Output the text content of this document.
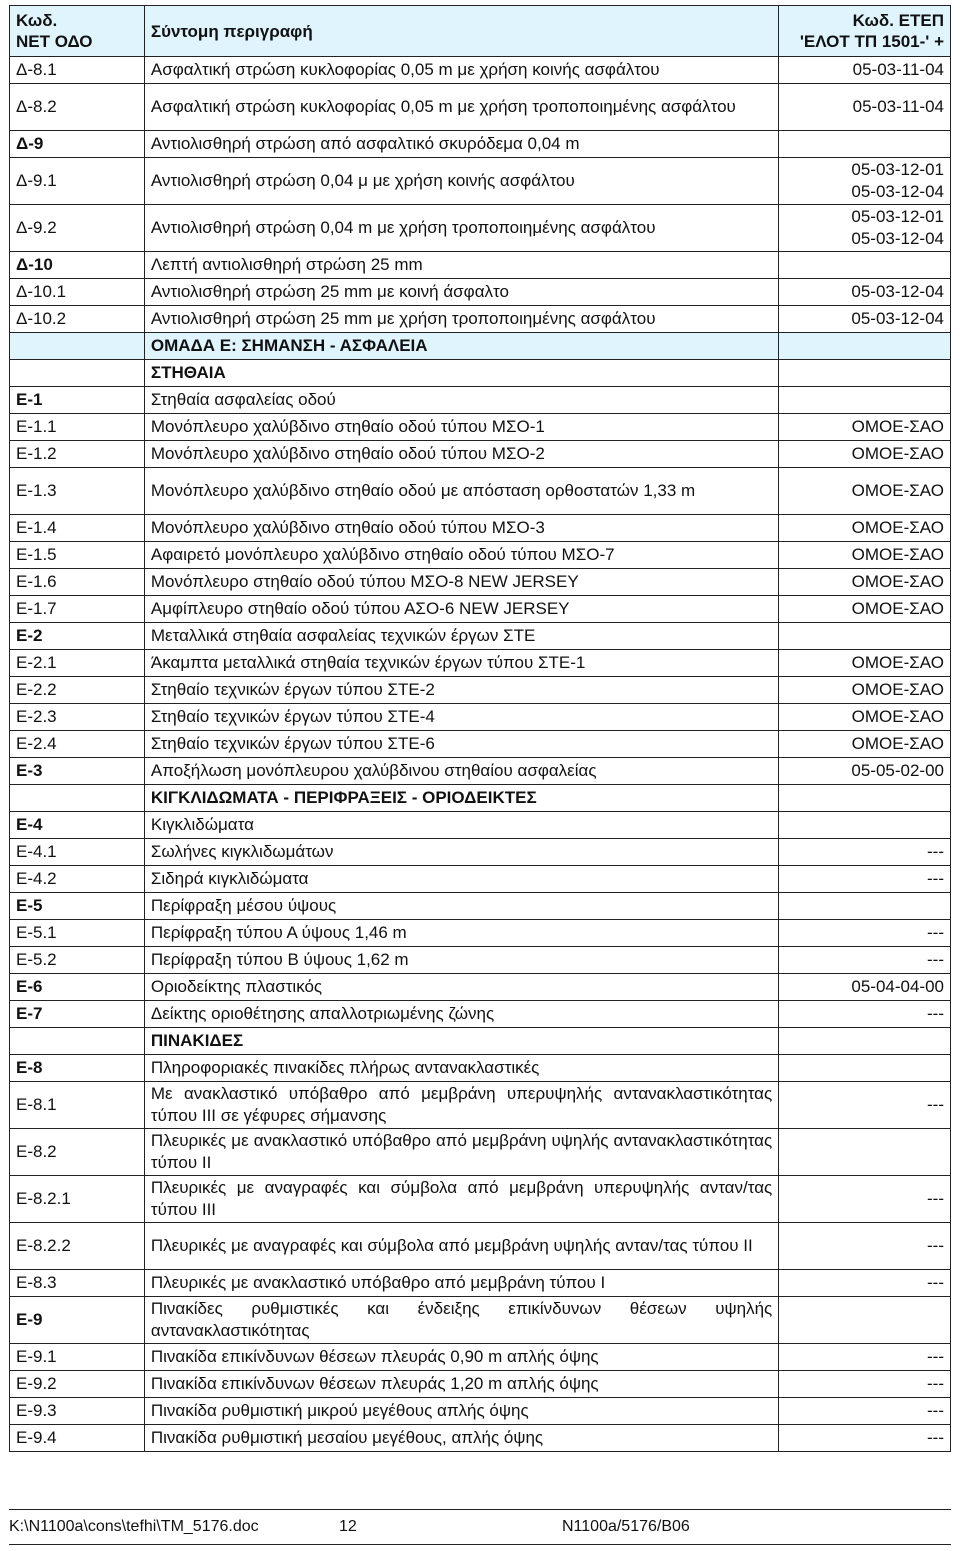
Κωδ.
ΝΕΤ ΟΔΟ	Σύντομη περιγραφή	Κωδ. ΕΤΕΠ
'ΕΛΟΤ ΤΠ 1501-' +

Δ-8.1	Ασφαλτική στρώση κυκλοφορίας 0,05 m με χρήση κοινής ασφάλτου	05-03-11-04
Δ-8.2	Ασφαλτική στρώση κυκλοφορίας 0,05 m με χρήση τροποποιημένης ασφάλτου	05-03-11-04
Δ-9	Αντιολισθηρή στρώση από ασφαλτικό σκυρόδεμα 0,04 m	
Δ-9.1	Αντιολισθηρή στρώση 0,04 μ με χρήση κοινής ασφάλτου	05-03-12-01
05-03-12-04

Δ-9.2	Αντιολισθηρή στρώση 0,04 m με χρήση τροποποιημένης ασφάλτου	05-03-12-01
05-03-12-04

Δ-10	Λεπτή αντιολισθηρή στρώση 25 mm	
Δ-10.1	Αντιολισθηρή στρώση 25 mm με κοινή άσφαλτο	05-03-12-04
Δ-10.2	Αντιολισθηρή στρώση 25 mm με χρήση τροποποιημένης ασφάλτου	05-03-12-04
	ΟΜΑΔΑ Ε: ΣΗΜΑΝΣΗ - ΑΣΦΑΛΕΙΑ	
	ΣΤΗΘΑΙΑ	
Ε-1	Στηθαία ασφαλείας οδού	
Ε-1.1	Μονόπλευρο χαλύβδινο στηθαίο οδού τύπου ΜΣΟ-1	ΟΜΟΕ-ΣΑΟ
Ε-1.2	Μονόπλευρο χαλύβδινο στηθαίο οδού τύπου ΜΣΟ-2	ΟΜΟΕ-ΣΑΟ
Ε-1.3	Μονόπλευρο χαλύβδινο στηθαίο οδού με απόσταση ορθοστατών 1,33 m	ΟΜΟΕ-ΣΑΟ
Ε-1.4	Μονόπλευρο χαλύβδινο στηθαίο οδού τύπου ΜΣΟ-3	ΟΜΟΕ-ΣΑΟ
Ε-1.5	Αφαιρετό μονόπλευρο χαλύβδινο στηθαίο οδού τύπου ΜΣΟ-7	ΟΜΟΕ-ΣΑΟ
Ε-1.6	Μονόπλευρο στηθαίο οδού τύπου ΜΣΟ-8 NEW JERSEY	ΟΜΟΕ-ΣΑΟ
Ε-1.7	Αμφίπλευρο στηθαίο οδού τύπου ΑΣΟ-6 NEW JERSEY	ΟΜΟΕ-ΣΑΟ
Ε-2	Μεταλλικά στηθαία ασφαλείας τεχνικών έργων ΣΤΕ	
Ε-2.1	Άκαμπτα μεταλλικά στηθαία τεχνικών έργων τύπου ΣΤΕ-1	ΟΜΟΕ-ΣΑΟ
Ε-2.2	Στηθαίο τεχνικών έργων τύπου ΣΤΕ-2	ΟΜΟΕ-ΣΑΟ
Ε-2.3	Στηθαίο τεχνικών έργων τύπου ΣΤΕ-4	ΟΜΟΕ-ΣΑΟ
Ε-2.4	Στηθαίο τεχνικών έργων τύπου ΣΤΕ-6	ΟΜΟΕ-ΣΑΟ
Ε-3	Αποξήλωση μονόπλευρου χαλύβδινου στηθαίου ασφαλείας	05-05-02-00
	ΚΙΓΚΛΙΔΩΜΑΤΑ - ΠΕΡΙΦΡΑΞΕΙΣ - ΟΡΙΟΔΕΙΚΤΕΣ	
Ε-4	Κιγκλιδώματα	
Ε-4.1	Σωλήνες κιγκλιδωμάτων	---
Ε-4.2	Σιδηρά κιγκλιδώματα	---
Ε-5	Περίφραξη μέσου ύψους	
Ε-5.1	Περίφραξη τύπου Α ύψους 1,46 m	---
Ε-5.2	Περίφραξη τύπου Β ύψους 1,62 m	---
Ε-6	Οριοδείκτης πλαστικός	05-04-04-00
Ε-7	Δείκτης οριοθέτησης απαλλοτριωμένης ζώνης	---
	ΠΙΝΑΚΙΔΕΣ	
Ε-8	Πληροφοριακές πινακίδες πλήρως αντανακλαστικές	
Ε-8.1	Με ανακλαστικό υπόβαθρο από μεμβράνη υπερυψηλής αντανακλαστικότητας τύπου ΙΙΙ σε γέφυρες σήμανσης	---
Ε-8.2	Πλευρικές με ανακλαστικό υπόβαθρο από μεμβράνη υψηλής αντανακλαστικότητας τύπου ΙΙ	
Ε-8.2.1	Πλευρικές με αναγραφές και σύμβολα από μεμβράνη υπερυψηλής ανταν/τας τύπου ΙΙΙ	---
Ε-8.2.2	Πλευρικές με αναγραφές και σύμβολα από μεμβράνη υψηλής ανταν/τας τύπου ΙΙ	---
Ε-8.3	Πλευρικές με ανακλαστικό υπόβαθρο από μεμβράνη τύπου Ι	---
Ε-9	Πινακίδες ρυθμιστικές και ένδειξης επικίνδυνων θέσεων υψηλής αντανακλαστικότητας	
Ε-9.1	Πινακίδα επικίνδυνων θέσεων πλευράς 0,90 m απλής όψης	---
Ε-9.2	Πινακίδα επικίνδυνων θέσεων πλευράς 1,20 m απλής όψης	---
Ε-9.3	Πινακίδα ρυθμιστική μικρού μεγέθους απλής όψης	---
Ε-9.4	Πινακίδα ρυθμιστική μεσαίου μεγέθους, απλής όψης	---
K:\N1100a\cons\tefhi\TM_5176.doc	12	N1100a/5176/B06
